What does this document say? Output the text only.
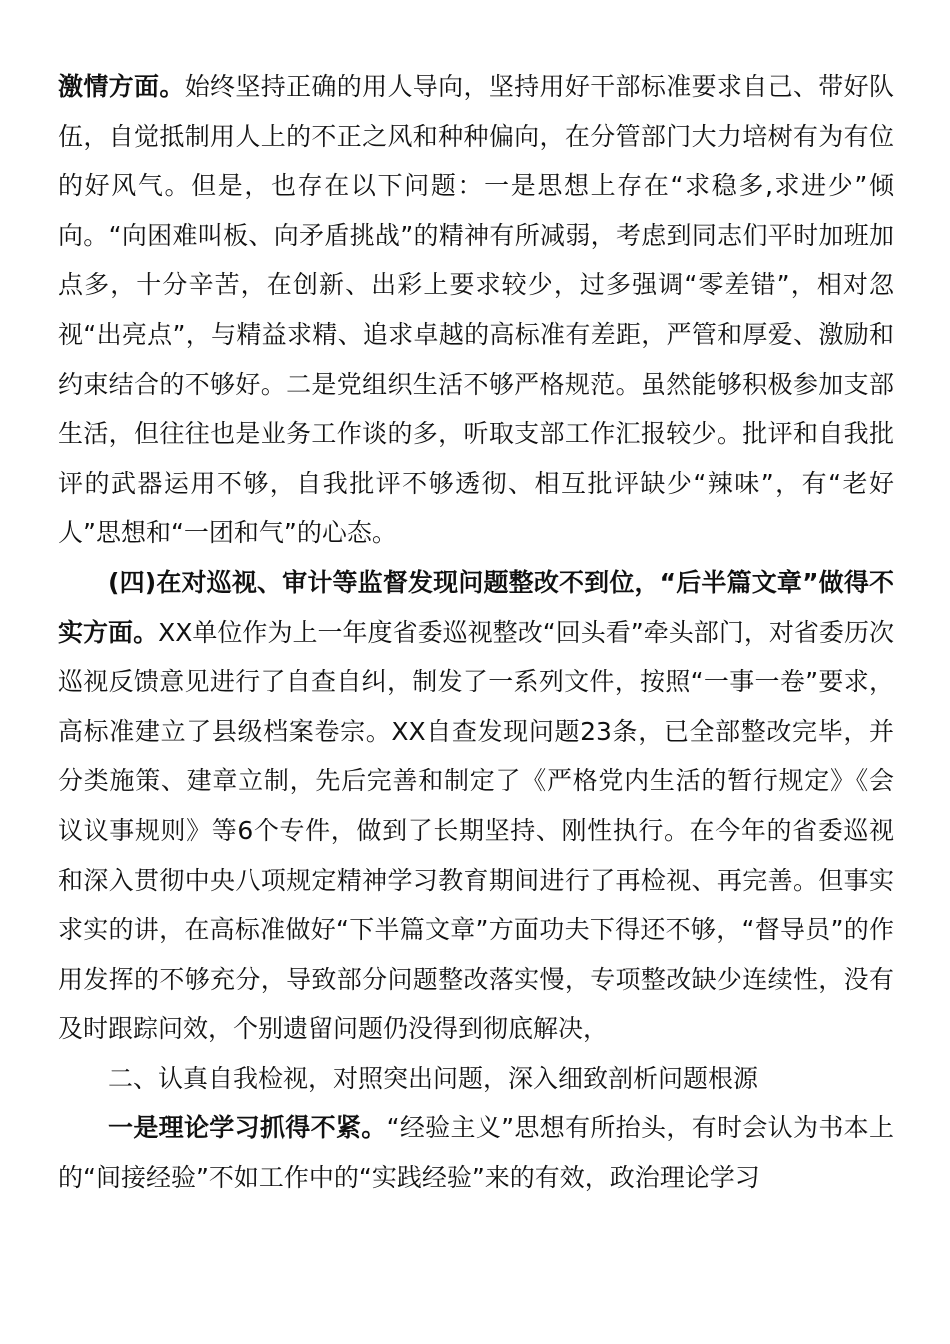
激情方面。始终坚持正确的用人导向，坚持用好干部标准要求自己、带好队伍，自觉抵制用人上的不正之风和种种偏向，在分管部门大力培树有为有位的好风气。但是，也存在以下问题：一是思想上存在“求稳多,求进少”倾向。“向困难叫板、向矛盾挑战”的精神有所减弱，考虑到同志们平时加班加点多，十分辛苦，在创新、出彩上要求较少，过多强调“零差错”，相对忽视“出亮点”，与精益求精、追求卓越的高标准有差距，严管和厚爱、激励和约束结合的不够好。二是党组织生活不够严格规范。虽然能够积极参加支部生活，但往往也是业务工作谈的多，听取支部工作汇报较少。批评和自我批评的武器运用不够，自我批评不够透彻、相互批评缺少“辣味”，有“老好人”思想和“一团和气”的心态。

(四)在对巡视、审计等监督发现问题整改不到位，“后半篇文章”做得不实方面。XX单位作为上一年度省委巡视整改“回头看”牵头部门，对省委历次巡视反馈意见进行了自查自纠，制发了一系列文件，按照“一事一卷”要求，高标准建立了县级档案卷宗。XX自查发现问题23条，已全部整改完毕，并分类施策、建章立制，先后完善和制定了《严格党内生活的暂行规定》《会议议事规则》等6个专件，做到了长期坚持、刚性执行。在今年的省委巡视和深入贯彻中央八项规定精神学习教育期间进行了再检视、再完善。但事实求实的讲，在高标准做好“下半篇文章”方面功夫下得还不够，“督导员”的作用发挥的不够充分，导致部分问题整改落实慢，专项整改缺少连续性，没有及时跟踪问效，个别遗留问题仍没得到彻底解决，

二、认真自我检视，对照突出问题，深入细致剖析问题根源

一是理论学习抓得不紧。“经验主义”思想有所抬头，有时会认为书本上的“间接经验”不如工作中的“实践经验”来的有效，政治理论学习
